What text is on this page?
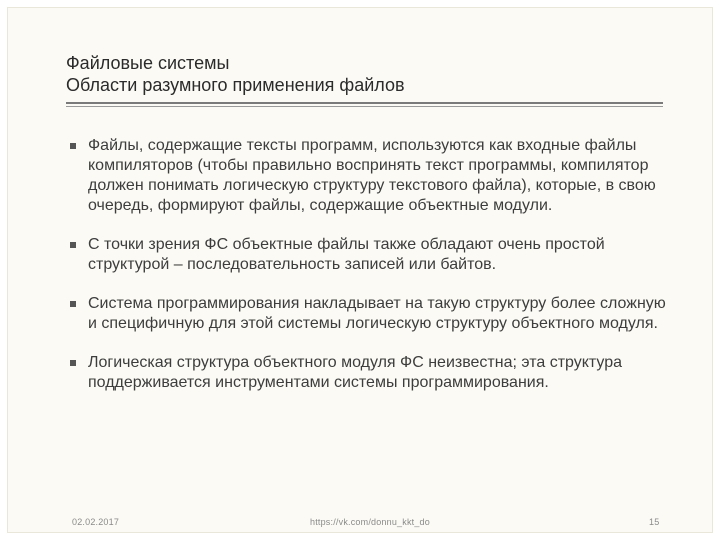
Файловые системы
Области разумного применения файлов
Файлы, содержащие тексты программ, используются как входные файлы компиляторов (чтобы правильно воспринять текст программы, компилятор должен понимать логическую структуру текстового файла), которые, в свою очередь, формируют файлы, содержащие объектные модули.
С точки зрения ФС объектные файлы также обладают очень простой структурой – последовательность записей или байтов.
Система программирования накладывает на такую структуру более сложную и специфичную для этой системы логическую структуру объектного модуля.
Логическая структура объектного модуля ФС неизвестна; эта структура поддерживается инструментами системы программирования.
02.02.2017	https://vk.com/donnu_kkt_do	15
